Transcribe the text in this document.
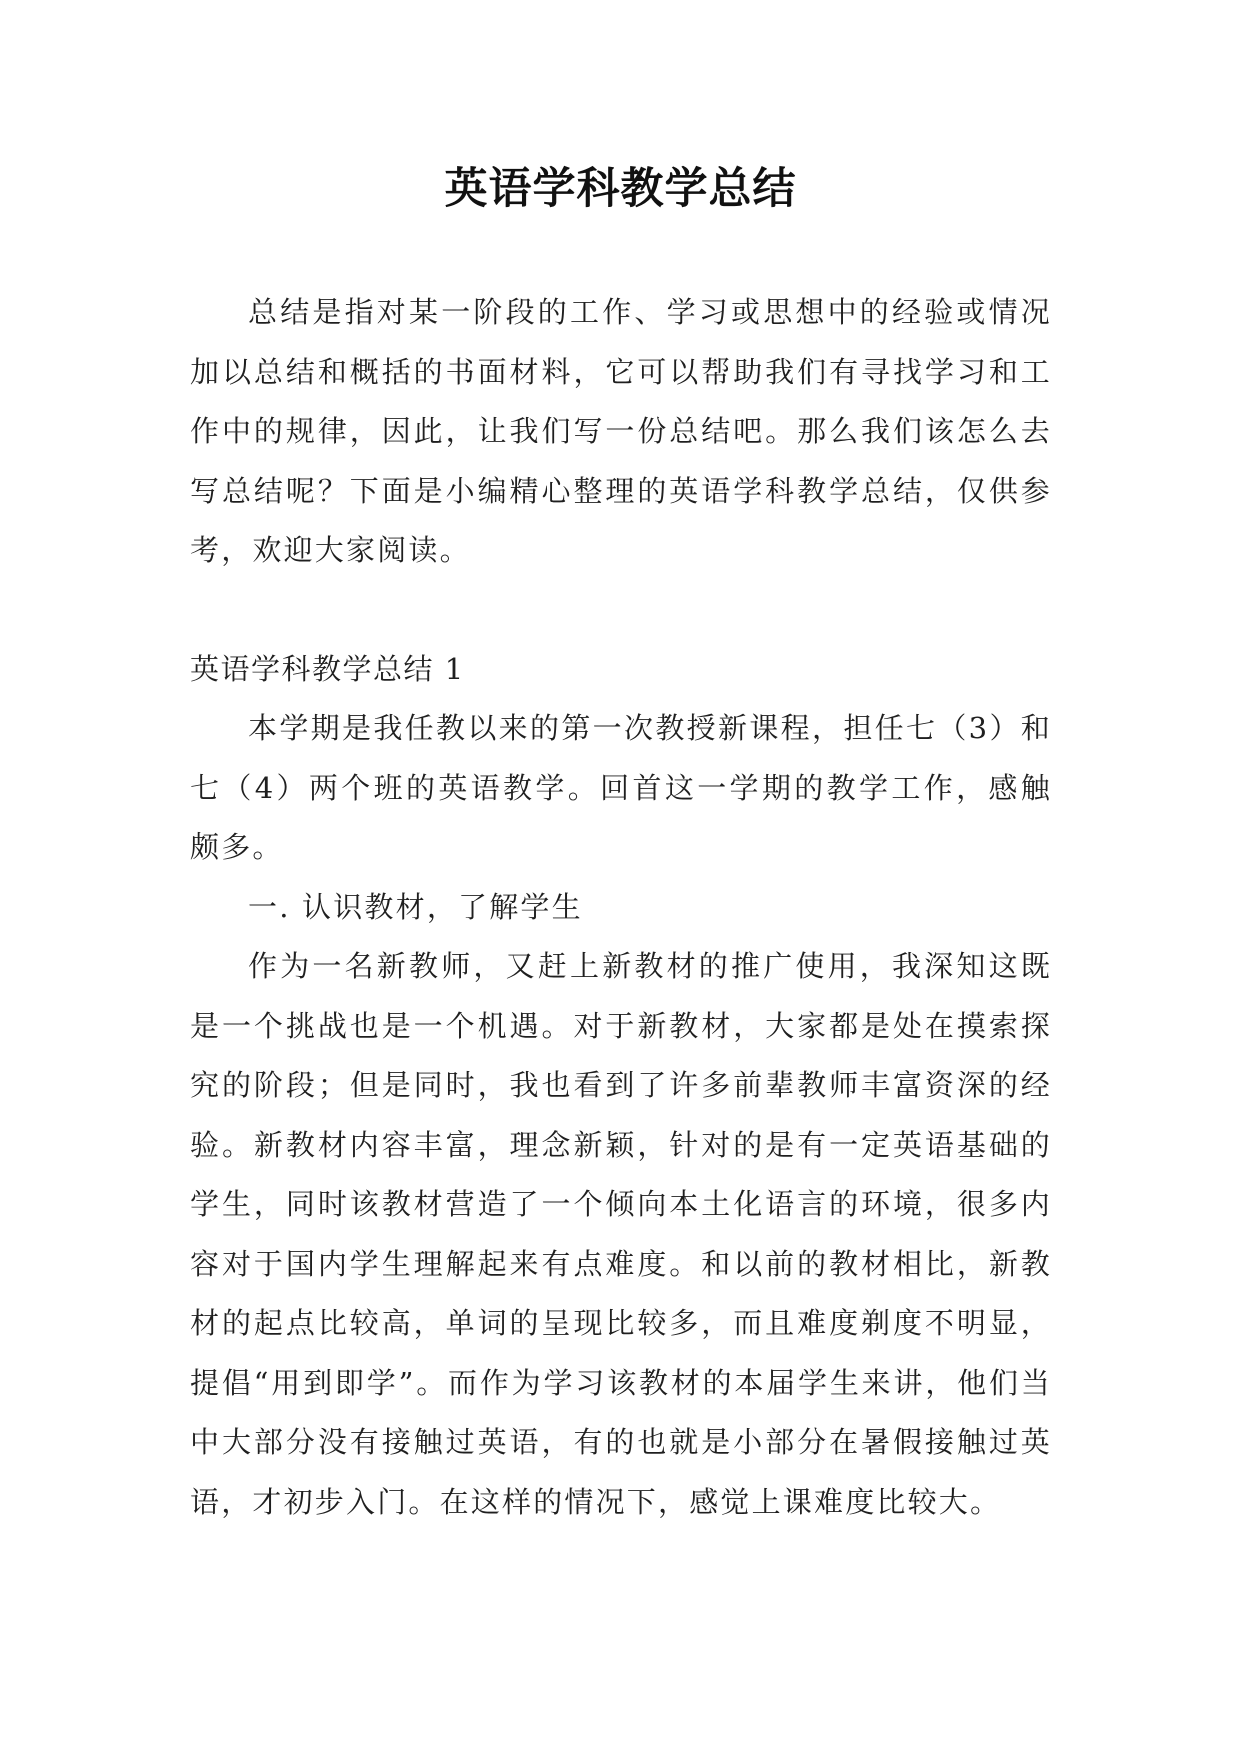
英语学科教学总结

总结是指对某一阶段的工作、学习或思想中的经验或情况加以总结和概括的书面材料，它可以帮助我们有寻找学习和工作中的规律，因此，让我们写一份总结吧。那么我们该怎么去写总结呢？下面是小编精心整理的英语学科教学总结，仅供参考，欢迎大家阅读。

英语学科教学总结 1

本学期是我任教以来的第一次教授新课程，担任七（3）和七（4）两个班的英语教学。回首这一学期的教学工作，感触颇多。

一. 认识教材，了解学生

作为一名新教师，又赶上新教材的推广使用，我深知这既是一个挑战也是一个机遇。对于新教材，大家都是处在摸索探究的阶段；但是同时，我也看到了许多前辈教师丰富资深的经验。新教材内容丰富，理念新颖，针对的是有一定英语基础的学生，同时该教材营造了一个倾向本土化语言的环境，很多内容对于国内学生理解起来有点难度。和以前的教材相比，新教材的起点比较高，单词的呈现比较多，而且难度剃度不明显，提倡“用到即学”。而作为学习该教材的本届学生来讲，他们当中大部分没有接触过英语，有的也就是小部分在暑假接触过英语，才初步入门。在这样的情况下，感觉上课难度比较大。
